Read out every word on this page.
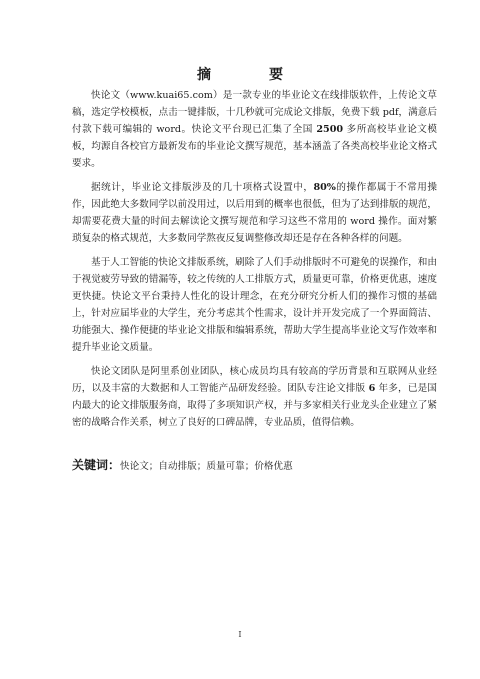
摘　要

快论文（www.kuai65.com）是一款专业的毕业论文在线排版软件，上传论文草稿，选定学校模板，点击一键排版，十几秒就可完成论文排版，免费下载 pdf，满意后付款下载可编辑的 word。快论文平台现已汇集了全国 2500 多所高校毕业论文模板，均源自各校官方最新发布的毕业论文撰写规范，基本涵盖了各类高校毕业论文格式要求。

据统计，毕业论文排版涉及的几十项格式设置中，80%的操作都属于不常用操作，因此绝大多数同学以前没用过，以后用到的概率也很低，但为了达到排版的规范，却需要花费大量的时间去解读论文撰写规范和学习这些不常用的 word 操作。面对繁琐复杂的格式规范，大多数同学熬夜反复调整修改却还是存在各种各样的问题。

基于人工智能的快论文排版系统，刷除了人们手动排版时不可避免的误操作，和由于视觉疲劳导致的错漏等，较之传统的人工排版方式，质量更可靠，价格更优惠，速度更快捷。快论文平台秉持人性化的设计理念，在充分研究分析人们的操作习惯的基础上，针对应届毕业的大学生，充分考虑其个性需求，设计并开发完成了一个界面简洁、功能强大、操作便捷的毕业论文排版和编辑系统，帮助大学生提高毕业论文写作效率和提升毕业论文质量。

快论文团队是阿里系创业团队，核心成员均具有较高的学历背景和互联网从业经历，以及丰富的大数据和人工智能产品研发经验。团队专注论文排版 6 年多，已是国内最大的论文排版服务商，取得了多项知识产权，并与多家相关行业龙头企业建立了紧密的战略合作关系，树立了良好的口碑品牌，专业品质，值得信赖。

关键词：快论文；自动排版；质量可靠；价格优惠
I
